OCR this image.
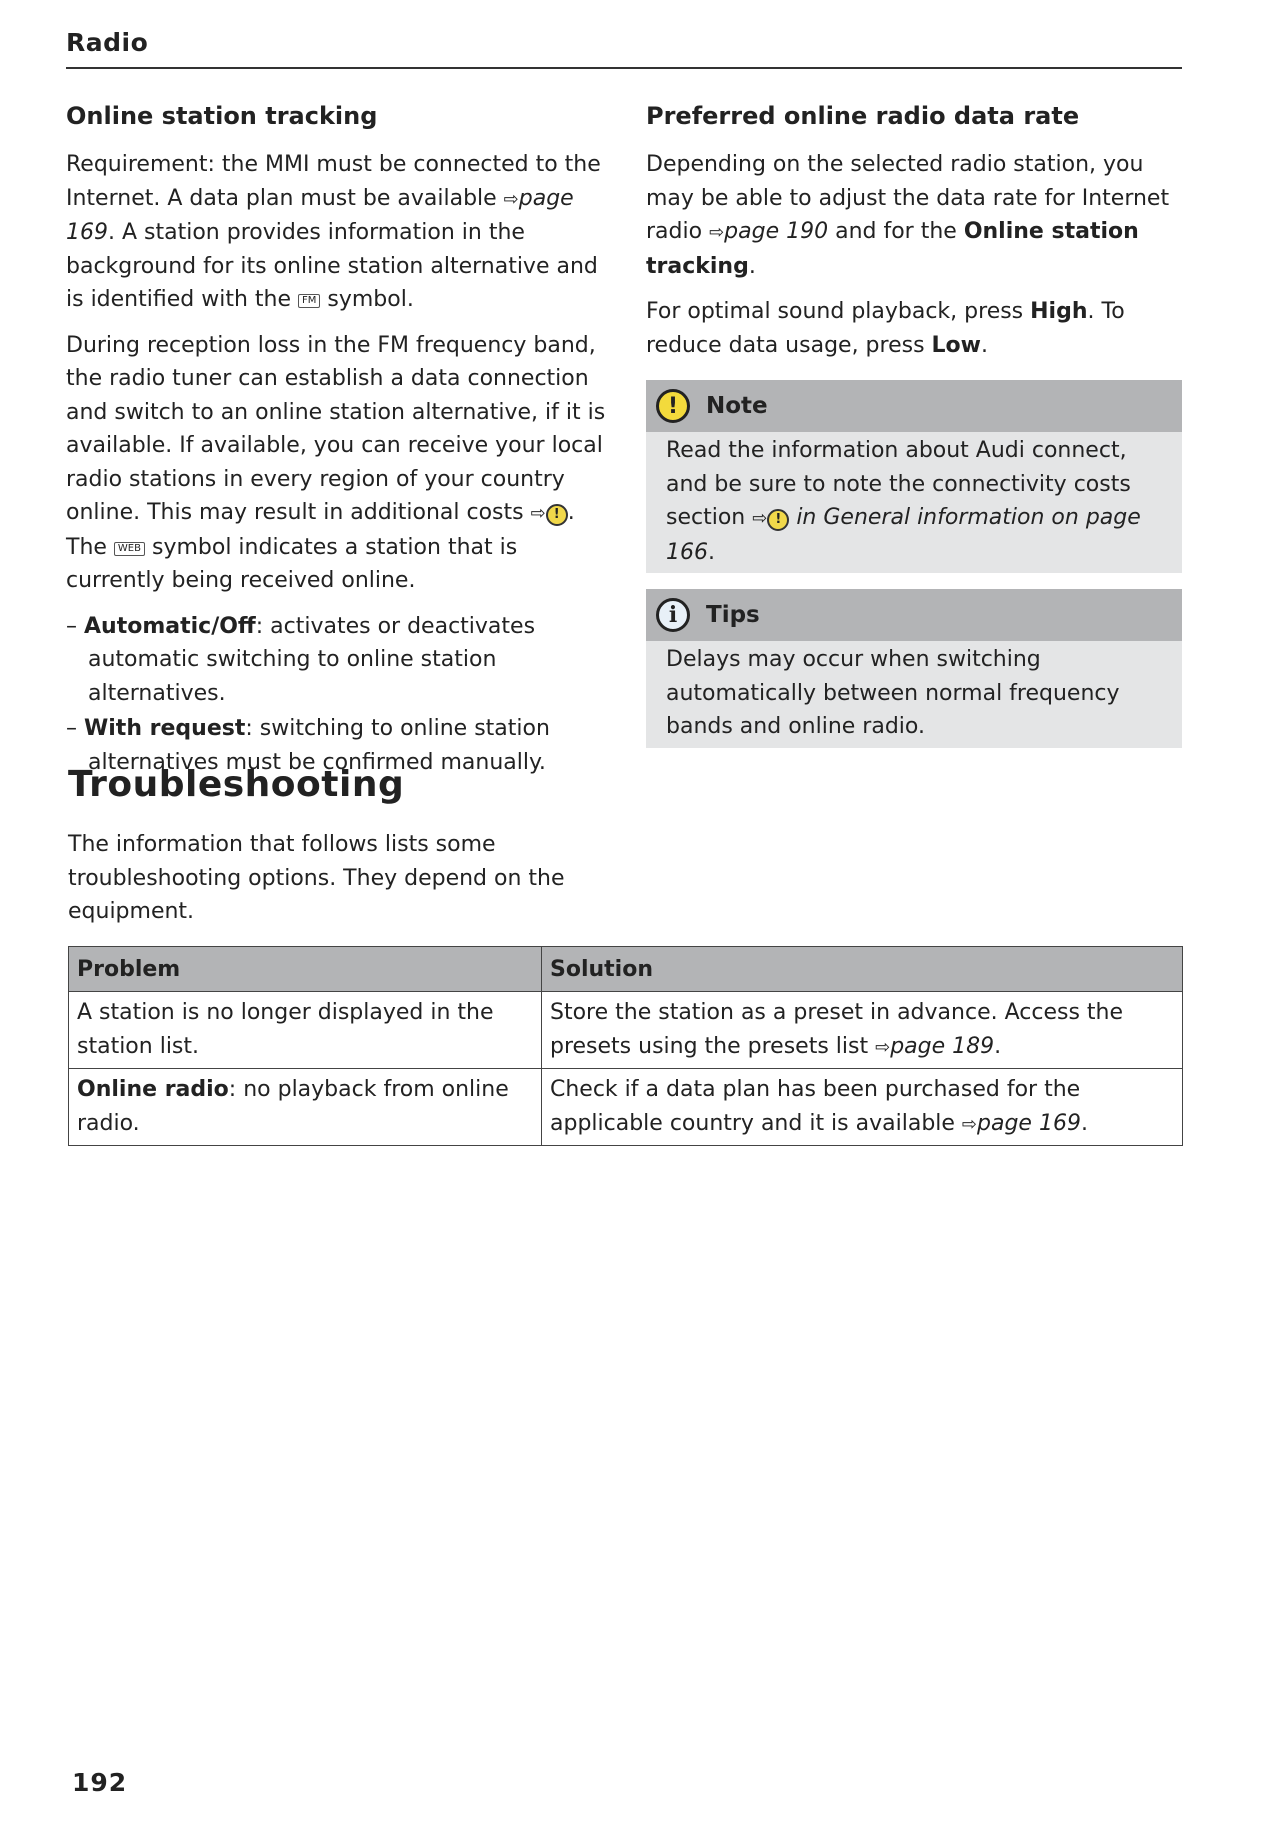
Radio
Online station tracking

Requirement: the MMI must be connected to the Internet. A data plan must be available ⇨page 169. A station provides information in the background for its online station alternative and is identified with the FM symbol.

During reception loss in the FM frequency band, the radio tuner can establish a data connection and switch to an online station alternative, if it is available. If available, you can receive your local radio stations in every region of your country online. This may result in additional costs ⇨ ! . The WEB symbol indicates a station that is currently being received online.

– Automatic/Off: activates or deactivates automatic switching to online station alternatives.
– With request: switching to online station alternatives must be confirmed manually.
Preferred online radio data rate

Depending on the selected radio station, you may be able to adjust the data rate for Internet radio ⇨page 190 and for the Online station tracking.

For optimal sound playback, press High. To reduce data usage, press Low.

!	Note
Read the information about Audi connect, and be sure to note the connectivity costs section ⇨ ! in General information on page 166.
i	Tips
Delays may occur when switching automatically between normal frequency bands and online radio.
Troubleshooting

The information that follows lists some troubleshooting options. They depend on the equipment.

Problem	Solution
A station is no longer displayed in the station list.	Store the station as a preset in advance. Access the presets using the presets list ⇨page 189.
Online radio: no playback from online radio.	Check if a data plan has been purchased for the applicable country and it is available ⇨page 169.
192
